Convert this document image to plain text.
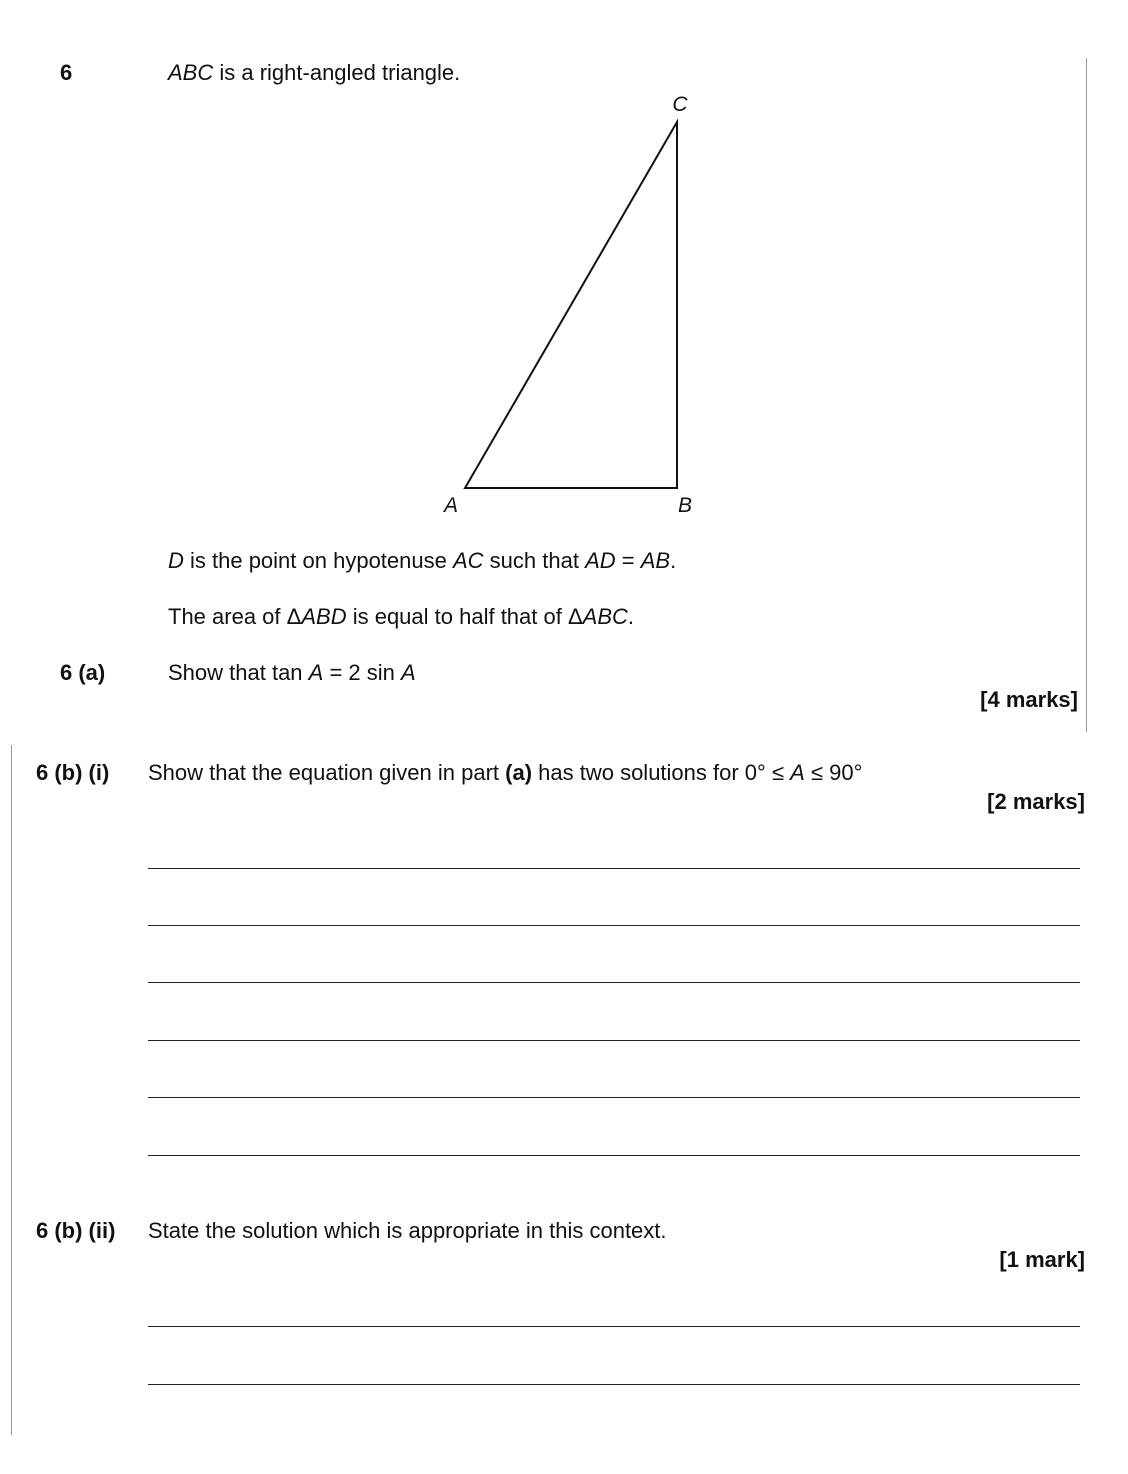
6	ABC is a right-angled triangle.
A	B
C
D is the point on hypotenuse AC such that AD = AB.
The area of ΔABD is equal to half that of ΔABC.
6 (a)	Show that tan A = 2 sin A
[4 marks]
6 (b) (i) Show that the equation given in part (a) has two solutions for 0° ≤ A ≤ 90°
[2 marks]
6 (b) (ii) State the solution which is appropriate in this context.
[1 mark]
